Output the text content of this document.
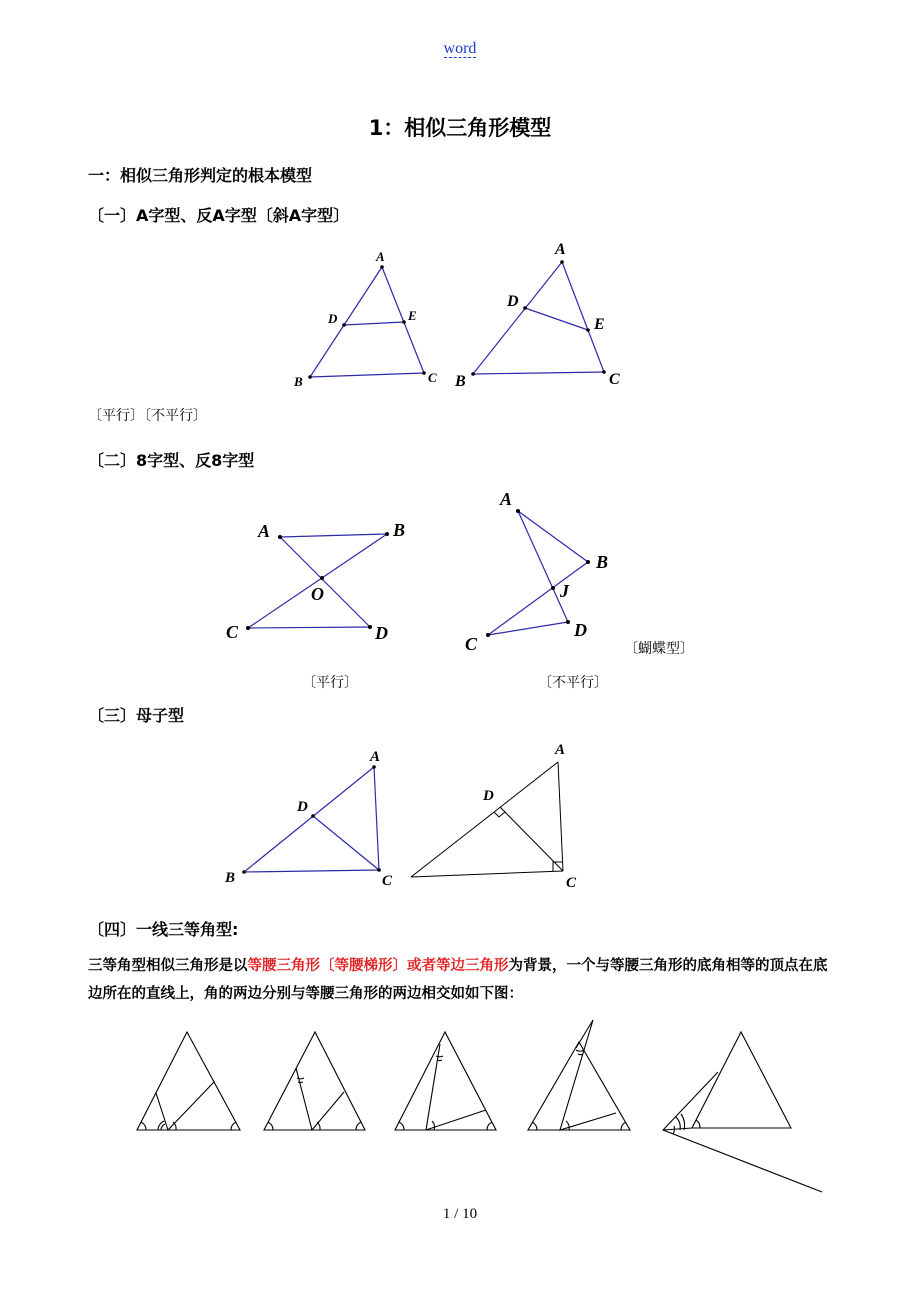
word
1：相似三角形模型
一：相似三角形判定的根本模型
〔一〕A字型、反A字型〔斜A字型〕
A
B	C
D	E
A
B	C
D
E
〔平行〕〔不平行〕
〔二〕8字型、反8字型
A	B
C	D
O
A
B
C
D
J
〔蝴蝶型〕
〔平行〕	〔不平行〕
〔三〕母子型
A
B	C
D
A
C
D
〔四〕一线三等角型:
三等角型相似三角形是以等腰三角形〔等腰梯形〕或者等边三角形为背景，一个与等腰三角形的底角相等的顶点在底边所在的直线上，角的两边分别与等腰三角形的两边相交如如下图：
1 / 10
